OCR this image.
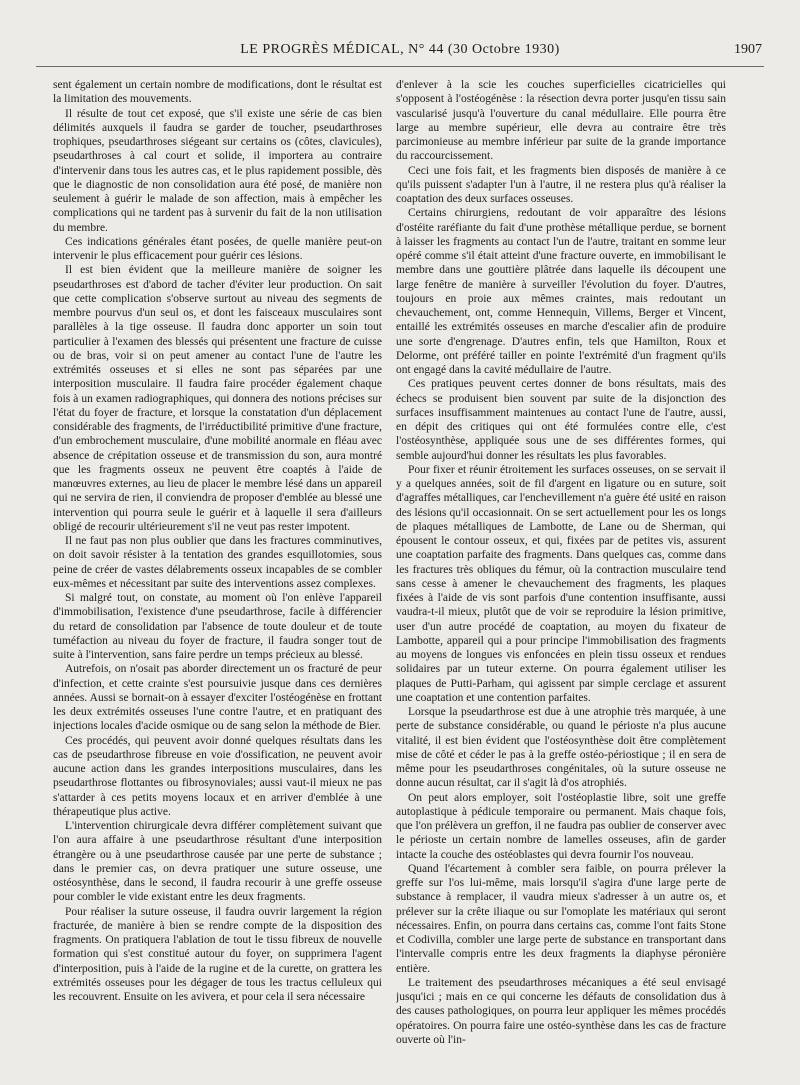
LE PROGRÈS MÉDICAL, N° 44 (30 Octobre 1930)	1907

sent également un certain nombre de modifications, dont le résultat est la limitation des mouvements.

Il résulte de tout cet exposé, que s'il existe une série de cas bien délimités auxquels il faudra se garder de toucher, pseudarthroses trophiques, pseudarthroses siégeant sur certains os (côtes, clavicules), pseudarthroses à cal court et solide, il importera au contraire d'intervenir dans tous les autres cas, et le plus rapidement possible, dès que le diagnostic de non consolidation aura été posé, de manière non seulement à guérir le malade de son affection, mais à empêcher les complications qui ne tardent pas à survenir du fait de la non utilisation du membre.

Ces indications générales étant posées, de quelle manière peut-on intervenir le plus efficacement pour guérir ces lésions.

Il est bien évident que la meilleure manière de soigner les pseudarthroses est d'abord de tacher d'éviter leur production. On sait que cette complication s'observe surtout au niveau des segments de membre pourvus d'un seul os, et dont les faisceaux musculaires sont parallèles à la tige osseuse. Il faudra donc apporter un soin tout particulier à l'examen des blessés qui présentent une fracture de cuisse ou de bras, voir si on peut amener au contact l'une de l'autre les extrémités osseuses et si elles ne sont pas séparées par une interposition musculaire. Il faudra faire procéder également chaque fois à un examen radiographiques, qui donnera des notions précises sur l'état du foyer de fracture, et lorsque la constatation d'un déplacement considérable des fragments, de l'irréductibilité primitive d'une fracture, d'un embrochement musculaire, d'une mobilité anormale en fléau avec absence de crépitation osseuse et de transmission du son, aura montré que les fragments osseux ne peuvent être coaptés à l'aide de manœuvres externes, au lieu de placer le membre lésé dans un appareil qui ne servira de rien, il conviendra de proposer d'emblée au blessé une intervention qui pourra seule le guérir et à laquelle il sera d'ailleurs obligé de recourir ultérieurement s'il ne veut pas rester impotent.

Il ne faut pas non plus oublier que dans les fractures comminutives, on doit savoir résister à la tentation des grandes esquillotomies, sous peine de créer de vastes délabrements osseux incapables de se combler eux-mêmes et nécessitant par suite des interventions assez complexes.

Si malgré tout, on constate, au moment où l'on enlève l'appareil d'immobilisation, l'existence d'une pseudarthrose, facile à différencier du retard de consolidation par l'absence de toute douleur et de toute tuméfaction au niveau du foyer de fracture, il faudra songer tout de suite à l'intervention, sans faire perdre un temps précieux au blessé.

Autrefois, on n'osait pas aborder directement un os fracturé de peur d'infection, et cette crainte s'est poursuivie jusque dans ces dernières années. Aussi se bornait-on à essayer d'exciter l'ostéogénèse en frottant les deux extrémités osseuses l'une contre l'autre, et en pratiquant des injections locales d'acide osmique ou de sang selon la méthode de Bier.

Ces procédés, qui peuvent avoir donné quelques résultats dans les cas de pseudarthrose fibreuse en voie d'ossification, ne peuvent avoir aucune action dans les grandes interpositions musculaires, dans les pseudarthrose flottantes ou fibrosynoviales; aussi vaut-il mieux ne pas s'attarder à ces petits moyens locaux et en arriver d'emblée à une thérapeutique plus active.

L'intervention chirurgicale devra différer complètement suivant que l'on aura affaire à une pseudarthrose résultant d'une interposition étrangère ou à une pseudarthrose causée par une perte de substance ; dans le premier cas, on devra pratiquer une suture osseuse, une ostéosynthèse, dans le second, il faudra recourir à une greffe osseuse pour combler le vide existant entre les deux fragments.

Pour réaliser la suture osseuse, il faudra ouvrir largement la région fracturée, de manière à bien se rendre compte de la disposition des fragments. On pratiquera l'ablation de tout le tissu fibreux de nouvelle formation qui s'est constitué autour du foyer, on supprimera l'agent d'interposition, puis à l'aide de la rugine et de la curette, on grattera les extrémités osseuses pour les dégager de tous les tractus celluleux qui les recouvrent. Ensuite on les avivera, et pour cela il sera nécessaire

d'enlever à la scie les couches superficielles cicatricielles qui s'opposent à l'ostéogénèse : la résection devra porter jusqu'en tissu sain vascularisé jusqu'à l'ouverture du canal médullaire. Elle pourra être large au membre supérieur, elle devra au contraire être très parcimonieuse au membre inférieur par suite de la grande importance du raccourcissement.

Ceci une fois fait, et les fragments bien disposés de manière à ce qu'ils puissent s'adapter l'un à l'autre, il ne restera plus qu'à réaliser la coaptation des deux surfaces osseuses.

Certains chirurgiens, redoutant de voir apparaître des lésions d'ostéite raréfiante du fait d'une prothèse métallique perdue, se bornent à laisser les fragments au contact l'un de l'autre, traitant en somme leur opéré comme s'il était atteint d'une fracture ouverte, en immobilisant le membre dans une gouttière plâtrée dans laquelle ils découpent une large fenêtre de manière à surveiller l'évolution du foyer. D'autres, toujours en proie aux mêmes craintes, mais redoutant un chevauchement, ont, comme Hennequin, Villems, Berger et Vincent, entaillé les extrémités osseuses en marche d'escalier afin de produire une sorte d'engrenage. D'autres enfin, tels que Hamilton, Roux et Delorme, ont préféré tailler en pointe l'extrémité d'un fragment qu'ils ont engagé dans la cavité médullaire de l'autre.

Ces pratiques peuvent certes donner de bons résultats, mais des échecs se produisent bien souvent par suite de la disjonction des surfaces insuffisamment maintenues au contact l'une de l'autre, aussi, en dépit des critiques qui ont été formulées contre elle, c'est l'ostéosynthèse, appliquée sous une de ses différentes formes, qui semble aujourd'hui donner les résultats les plus favorables.

Pour fixer et réunir étroitement les surfaces osseuses, on se servait il y a quelques années, soit de fil d'argent en ligature ou en suture, soit d'agraffes métalliques, car l'enchevillement n'a guère été usité en raison des lésions qu'il occasionnait. On se sert actuellement pour les os longs de plaques métalliques de Lambotte, de Lane ou de Sherman, qui épousent le contour osseux, et qui, fixées par de petites vis, assurent une coaptation parfaite des fragments. Dans quelques cas, comme dans les fractures très obliques du fémur, où la contraction musculaire tend sans cesse à amener le chevauchement des fragments, les plaques fixées à l'aide de vis sont parfois d'une contention insuffisante, aussi vaudra-t-il mieux, plutôt que de voir se reproduire la lésion primitive, user d'un autre procédé de coaptation, au moyen du fixateur de Lambotte, appareil qui a pour principe l'immobilisation des fragments au moyens de longues vis enfoncées en plein tissu osseux et rendues solidaires par un tuteur externe. On pourra également utiliser les plaques de Putti-Parham, qui agissent par simple cerclage et assurent une coaptation et une contention parfaites.

Lorsque la pseudarthrose est due à une atrophie très marquée, à une perte de substance considérable, ou quand le périoste n'a plus aucune vitalité, il est bien évident que l'ostéosynthèse doit être complètement mise de côté et céder le pas à la greffe ostéo-périostique ; il en sera de même pour les pseudarthroses congénitales, où la suture osseuse ne donne aucun résultat, car il s'agit là d'os atrophiés.

On peut alors employer, soit l'ostéoplastie libre, soit une greffe autoplastique à pédicule temporaire ou permanent. Mais chaque fois, que l'on prélèvera un greffon, il ne faudra pas oublier de conserver avec le périoste un certain nombre de lamelles osseuses, afin de garder intacte la couche des ostéoblastes qui devra fournir l'os nouveau.

Quand l'écartement à combler sera faible, on pourra prélever la greffe sur l'os lui-même, mais lorsqu'il s'agira d'une large perte de substance à remplacer, il vaudra mieux s'adresser à un autre os, et prélever sur la crête iliaque ou sur l'omoplate les matériaux qui seront nécessaires. Enfin, on pourra dans certains cas, comme l'ont faits Stone et Codivilla, combler une large perte de substance en transportant dans l'intervalle compris entre les deux fragments la diaphyse péronière entière.

Le traitement des pseudarthroses mécaniques a été seul envisagé jusqu'ici ; mais en ce qui concerne les défauts de consolidation dus à des causes pathologiques, on pourra leur appliquer les mêmes procédés opératoires. On pourra faire une ostéo-synthèse dans les cas de fracture ouverte où l'in-
